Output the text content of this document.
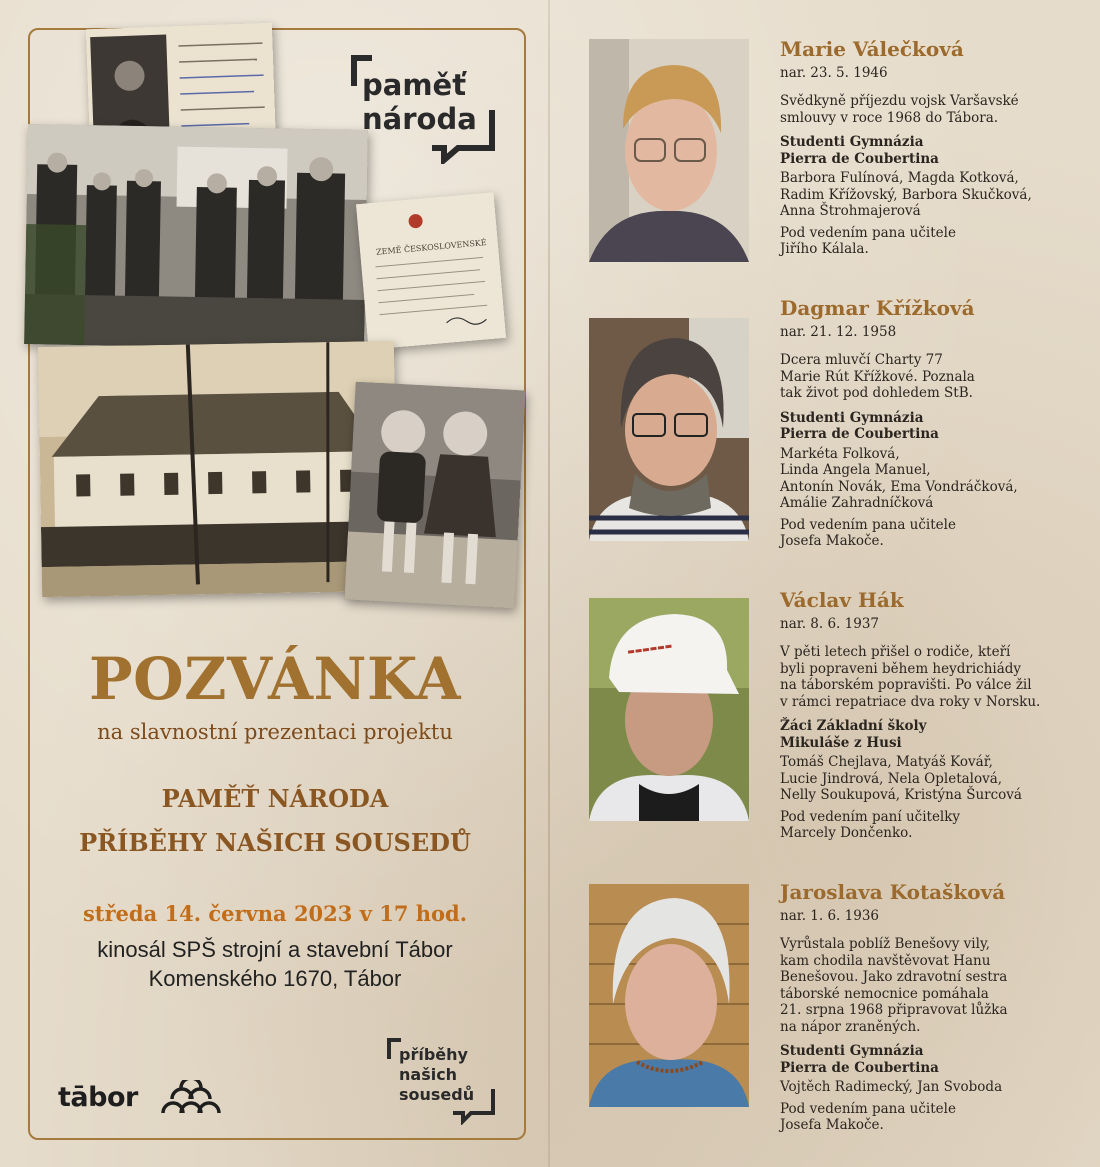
ZEMĚ ČESKOSLOVENSKÉ
paměť
národa
POZVÁNKA
na slavnostní prezentaci projektu
PAMĚŤ NÁRODA
PŘÍBĚHY NAŠICH SOUSEDŮ
středa 14. června 2023 v 17 hod.
kinosál SPŠ strojní a stavební Tábor
Komenského 1670, Tábor
tābor
příběhy
našich
sousedů
▬▬▬▬▬▬
Marie Válečková
nar. 23. 5. 1946
Svědkyně příjezdu vojsk Varšavské
smlouvy v roce 1968 do Tábora.
Studenti Gymnázia
Pierra de Coubertina
Barbora Fulínová, Magda Kotková,
Radim Křížovský, Barbora Skučková,
Anna Štrohmajerová
Pod vedením pana učitele
Jiřího Kálala.
Dagmar Křížková
nar. 21. 12. 1958
Dcera mluvčí Charty 77
Marie Rút Křížkové. Poznala
tak život pod dohledem StB.
Studenti Gymnázia
Pierra de Coubertina
Markéta Folková,
Linda Angela Manuel,
Antonín Novák, Ema Vondráčková,
Amálie Zahradníčková
Pod vedením pana učitele
Josefa Makoče.
Václav Hák
nar. 8. 6. 1937
V pěti letech přišel o rodiče, kteří
byli popraveni během heydrichiády
na táborském popravišti. Po válce žil
v rámci repatriace dva roky v Norsku.
Žáci Základní školy
Mikuláše z Husi
Tomáš Chejlava, Matyáš Kovář,
Lucie Jindrová, Nela Opletalová,
Nelly Soukupová, Kristýna Šurcová
Pod vedením paní učitelky
Marcely Dončenko.
Jaroslava Kotašková
nar. 1. 6. 1936
Vyrůstala poblíž Benešovy vily,
kam chodila navštěvovat Hanu
Benešovou. Jako zdravotní sestra
táborské nemocnice pomáhala
21. srpna 1968 připravovat lůžka
na nápor zraněných.
Studenti Gymnázia
Pierra de Coubertina
Vojtěch Radimecký, Jan Svoboda
Pod vedením pana učitele
Josefa Makoče.
